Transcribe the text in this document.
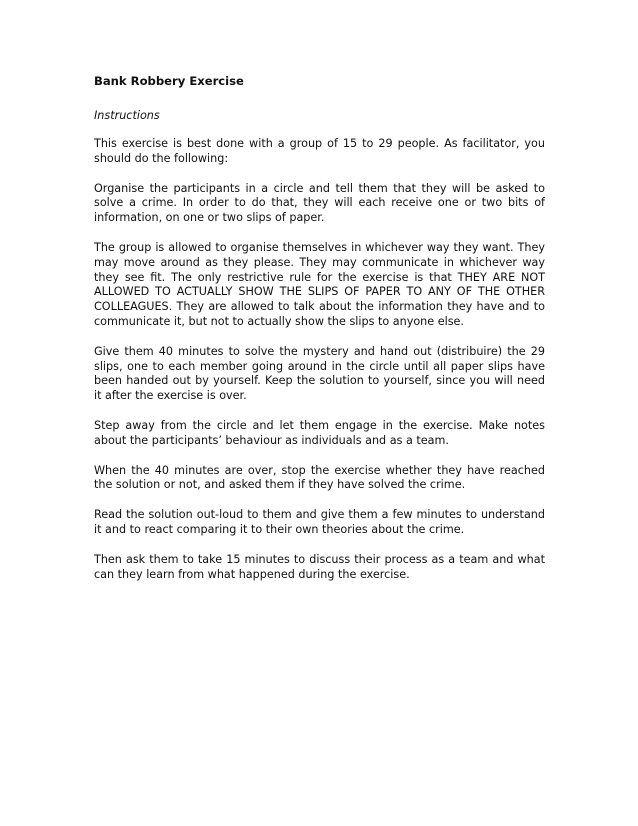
Bank Robbery Exercise
Instructions

This exercise is best done with a group of 15 to 29 people. As facilitator, you should do the following:

Organise the participants in a circle and tell them that they will be asked to solve a crime. In order to do that, they will each receive one or two bits of information, on one or two slips of paper.

The group is allowed to organise themselves in whichever way they want. They may move around as they please. They may communicate in whichever way they see fit. The only restrictive rule for the exercise is that THEY ARE NOT ALLOWED TO ACTUALLY SHOW THE SLIPS OF PAPER TO ANY OF THE OTHER COLLEAGUES. They are allowed to talk about the information they have and to communicate it, but not to actually show the slips to anyone else.

Give them 40 minutes to solve the mystery and hand out (distribuire) the 29 slips, one to each member going around in the circle until all paper slips have been handed out by yourself. Keep the solution to yourself, since you will need it after the exercise is over.

Step away from the circle and let them engage in the exercise. Make notes about the participants’ behaviour as individuals and as a team.

When the 40 minutes are over, stop the exercise whether they have reached the solution or not, and asked them if they have solved the crime.

Read the solution out-loud to them and give them a few minutes to understand it and to react comparing it to their own theories about the crime.

Then ask them to take 15 minutes to discuss their process as a team and what can they learn from what happened during the exercise.
